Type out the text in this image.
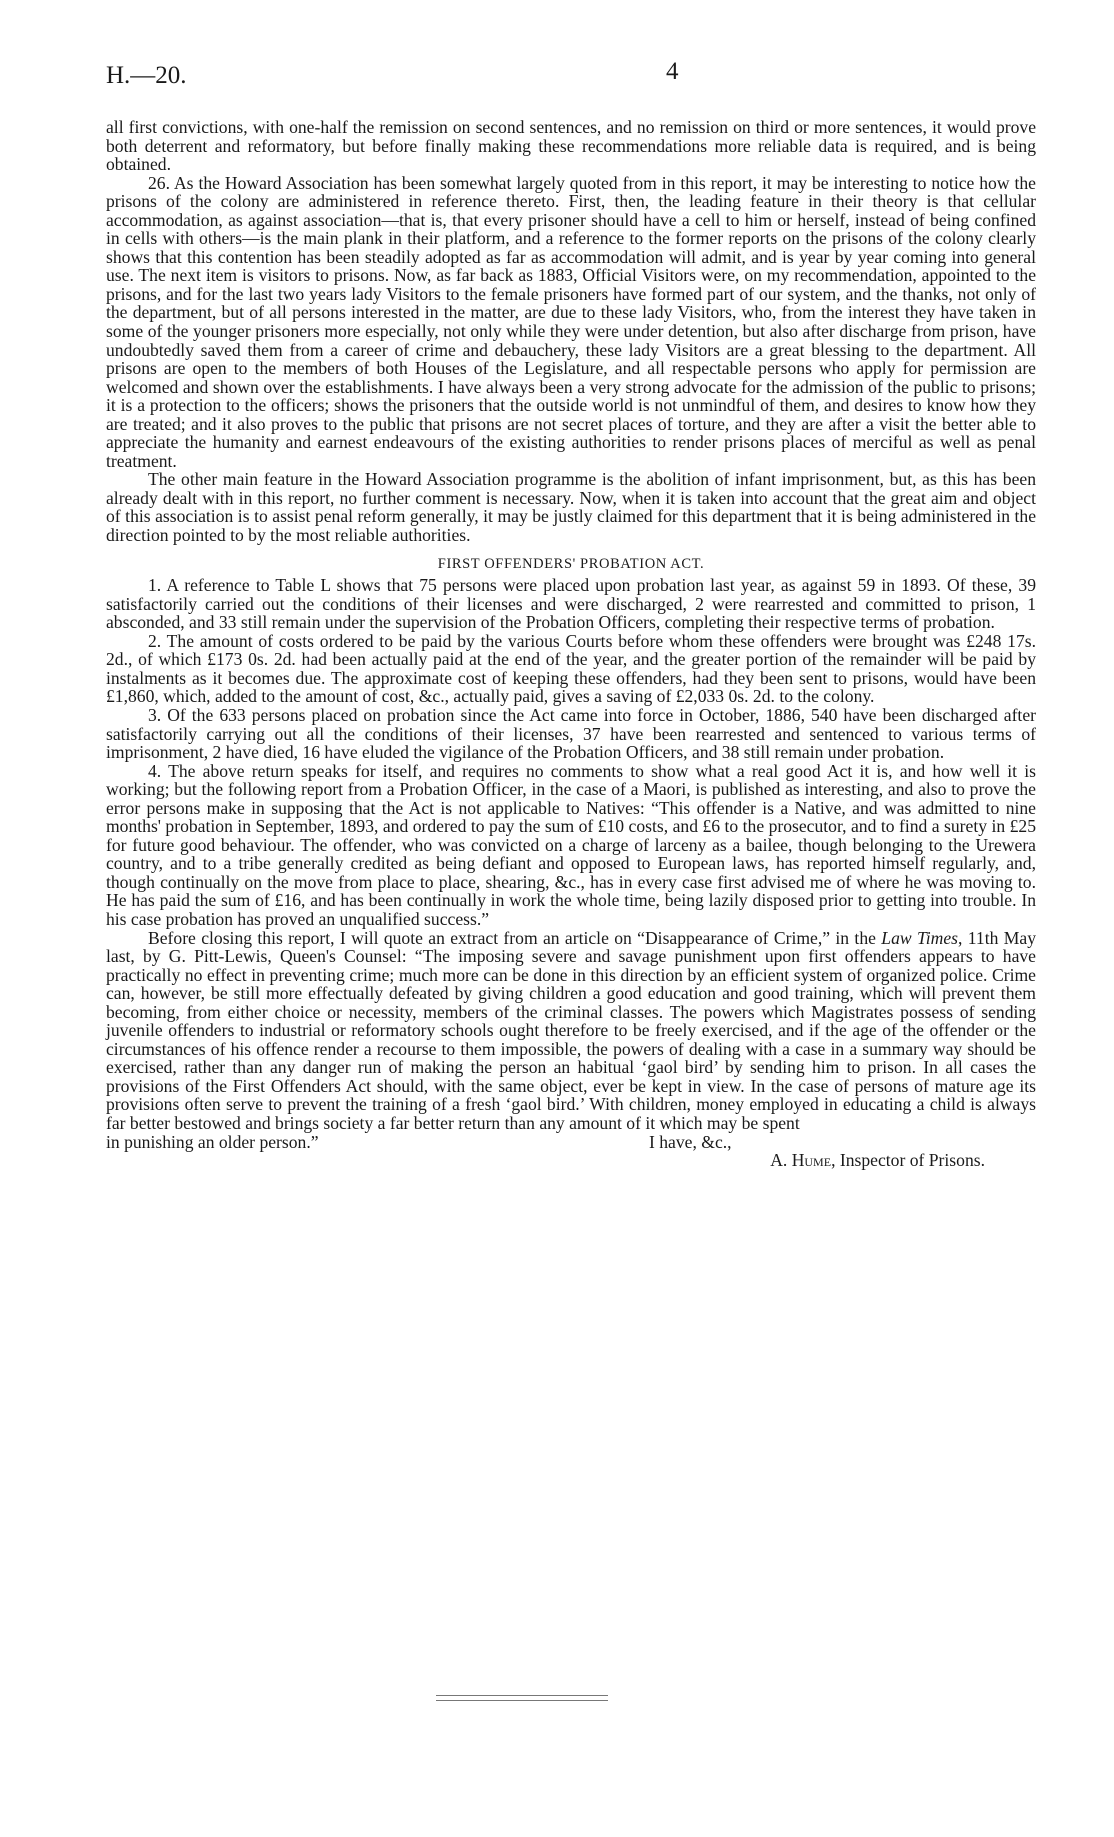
H.—20.	4

all first convictions, with one-half the remission on second sentences, and no remission on third or more sentences, it would prove both deterrent and reformatory, but before finally making these recommendations more reliable data is required, and is being obtained.

26. As the Howard Association has been somewhat largely quoted from in this report, it may be interesting to notice how the prisons of the colony are administered in reference thereto. First, then, the leading feature in their theory is that cellular accommodation, as against association—that is, that every prisoner should have a cell to him or herself, instead of being confined in cells with others—is the main plank in their platform, and a reference to the former reports on the prisons of the colony clearly shows that this contention has been steadily adopted as far as accommodation will admit, and is year by year coming into general use. The next item is visitors to prisons. Now, as far back as 1883, Official Visitors were, on my recommendation, appointed to the prisons, and for the last two years lady Visitors to the female prisoners have formed part of our system, and the thanks, not only of the department, but of all persons interested in the matter, are due to these lady Visitors, who, from the interest they have taken in some of the younger prisoners more especially, not only while they were under detention, but also after discharge from prison, have undoubtedly saved them from a career of crime and debauchery, these lady Visitors are a great blessing to the department. All prisons are open to the members of both Houses of the Legislature, and all respectable persons who apply for permission are welcomed and shown over the establishments. I have always been a very strong advocate for the admission of the public to prisons; it is a protection to the officers; shows the prisoners that the outside world is not unmindful of them, and desires to know how they are treated; and it also proves to the public that prisons are not secret places of torture, and they are after a visit the better able to appreciate the humanity and earnest endeavours of the existing authorities to render prisons places of merciful as well as penal treatment.

The other main feature in the Howard Association programme is the abolition of infant imprisonment, but, as this has been already dealt with in this report, no further comment is necessary. Now, when it is taken into account that the great aim and object of this association is to assist penal reform generally, it may be justly claimed for this department that it is being administered in the direction pointed to by the most reliable authorities.

FIRST OFFENDERS' PROBATION ACT.

1. A reference to Table L shows that 75 persons were placed upon probation last year, as against 59 in 1893. Of these, 39 satisfactorily carried out the conditions of their licenses and were discharged, 2 were rearrested and committed to prison, 1 absconded, and 33 still remain under the supervision of the Probation Officers, completing their respective terms of probation.

2. The amount of costs ordered to be paid by the various Courts before whom these offenders were brought was £248 17s. 2d., of which £173 0s. 2d. had been actually paid at the end of the year, and the greater portion of the remainder will be paid by instalments as it becomes due. The approximate cost of keeping these offenders, had they been sent to prisons, would have been £1,860, which, added to the amount of cost, &c., actually paid, gives a saving of £2,033 0s. 2d. to the colony.

3. Of the 633 persons placed on probation since the Act came into force in October, 1886, 540 have been discharged after satisfactorily carrying out all the conditions of their licenses, 37 have been rearrested and sentenced to various terms of imprisonment, 2 have died, 16 have eluded the vigilance of the Probation Officers, and 38 still remain under probation.

4. The above return speaks for itself, and requires no comments to show what a real good Act it is, and how well it is working; but the following report from a Probation Officer, in the case of a Maori, is published as interesting, and also to prove the error persons make in supposing that the Act is not applicable to Natives: “This offender is a Native, and was admitted to nine months' probation in September, 1893, and ordered to pay the sum of £10 costs, and £6 to the prosecutor, and to find a surety in £25 for future good behaviour. The offender, who was convicted on a charge of larceny as a bailee, though belonging to the Urewera country, and to a tribe generally credited as being defiant and opposed to European laws, has reported himself regularly, and, though continually on the move from place to place, shearing, &c., has in every case first advised me of where he was moving to. He has paid the sum of £16, and has been continually in work the whole time, being lazily disposed prior to getting into trouble. In his case probation has proved an unqualified success.”

Before closing this report, I will quote an extract from an article on “Disappearance of Crime,” in the Law Times, 11th May last, by G. Pitt-Lewis, Queen's Counsel: “The imposing severe and savage punishment upon first offenders appears to have practically no effect in preventing crime; much more can be done in this direction by an efficient system of organized police. Crime can, however, be still more effectually defeated by giving children a good education and good training, which will prevent them becoming, from either choice or necessity, members of the criminal classes. The powers which Magistrates possess of sending juvenile offenders to industrial or reformatory schools ought therefore to be freely exercised, and if the age of the offender or the circumstances of his offence render a recourse to them impossible, the powers of dealing with a case in a summary way should be exercised, rather than any danger run of making the person an habitual ‘gaol bird’ by sending him to prison. In all cases the provisions of the First Offenders Act should, with the same object, ever be kept in view. In the case of persons of mature age its provisions often serve to prevent the training of a fresh ‘gaol bird.’ With children, money employed in educating a child is always far better bestowed and brings society a far better return than any amount of it which may be spent

in punishing an older person.”	I have, &c.,
A. Hume, Inspector of Prisons.
